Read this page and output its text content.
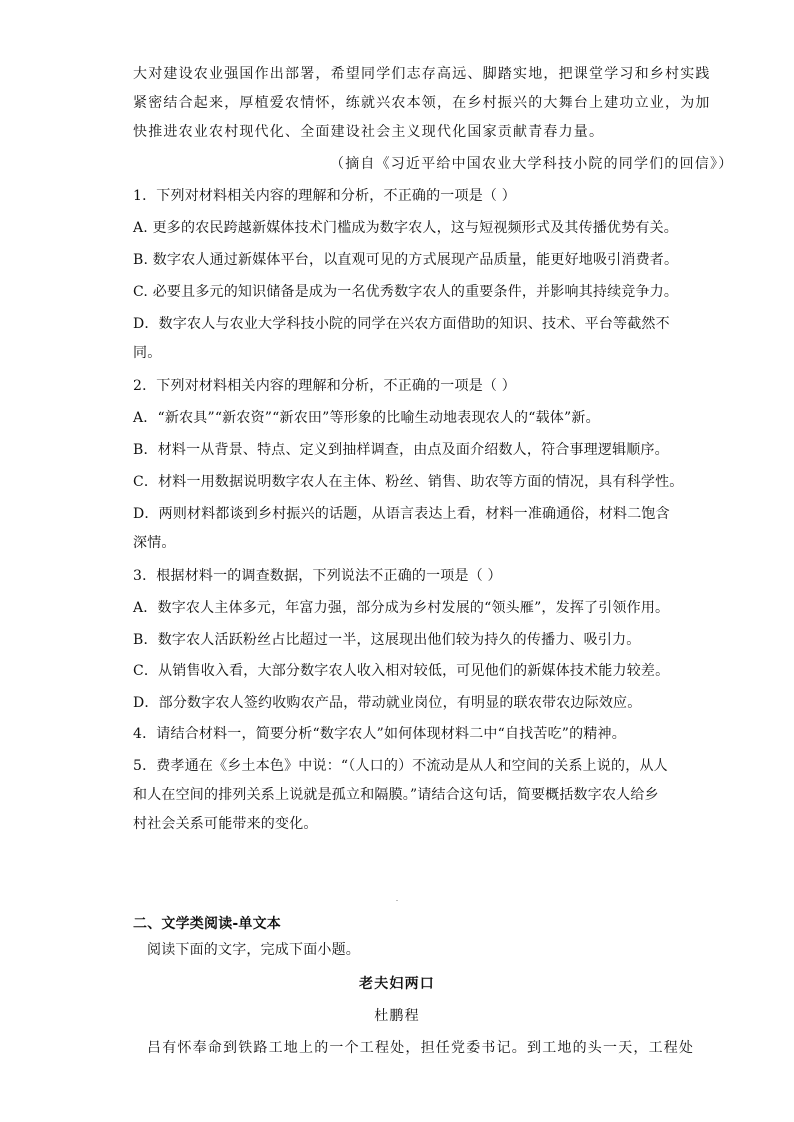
大对建设农业强国作出部署，希望同学们志存高远、脚踏实地，把课堂学习和乡村实践
紧密结合起来，厚植爱农情怀，练就兴农本领，在乡村振兴的大舞台上建功立业，为加
快推进农业农村现代化、全面建设社会主义现代化国家贡献青春力量。
（摘自《习近平给中国农业大学科技小院的同学们的回信》）
1．下列对材料相关内容的理解和分析，不正确的一项是（ ）
A. 更多的农民跨越新媒体技术门槛成为数字农人，这与短视频形式及其传播优势有关。
B. 数字农人通过新媒体平台，以直观可见的方式展现产品质量，能更好地吸引消费者。
C. 必要且多元的知识储备是成为一名优秀数字农人的重要条件，并影响其持续竞争力。
D．数字农人与农业大学科技小院的同学在兴农方面借助的知识、技术、平台等截然不
同。
2．下列对材料相关内容的理解和分析，不正确的一项是（ ）
A．“新农具”“新农资”“新农田”等形象的比喻生动地表现农人的“载体”新。
B．材料一从背景、特点、定义到抽样调查，由点及面介绍数人，符合事理逻辑顺序。
C．材料一用数据说明数字农人在主体、粉丝、销售、助农等方面的情况，具有科学性。
D．两则材料都谈到乡村振兴的话题，从语言表达上看，材料一准确通俗，材料二饱含
深情。
3．根据材料一的调查数据，下列说法不正确的一项是（ ）
A．数字农人主体多元，年富力强，部分成为乡村发展的“领头雁”，发挥了引领作用。
B．数字农人活跃粉丝占比超过一半，这展现出他们较为持久的传播力、吸引力。
C．从销售收入看，大部分数字农人收入相对较低，可见他们的新媒体技术能力较差。
D．部分数字农人签约收购农产品，带动就业岗位，有明显的联农带农边际效应。
4．请结合材料一，简要分析“数字农人”如何体现材料二中“自找苦吃”的精神。
5．费孝通在《乡土本色》中说：“（人口的）不流动是从人和空间的关系上说的，从人
和人在空间的排列关系上说就是孤立和隔膜。”请结合这句话，简要概括数字农人给乡
村社会关系可能带来的变化。
二、文学类阅读-单文本
阅读下面的文字，完成下面小题。
老夫妇两口
杜鹏程
吕有怀奉命到铁路工地上的一个工程处，担任党委书记。到工地的头一天，工程处
